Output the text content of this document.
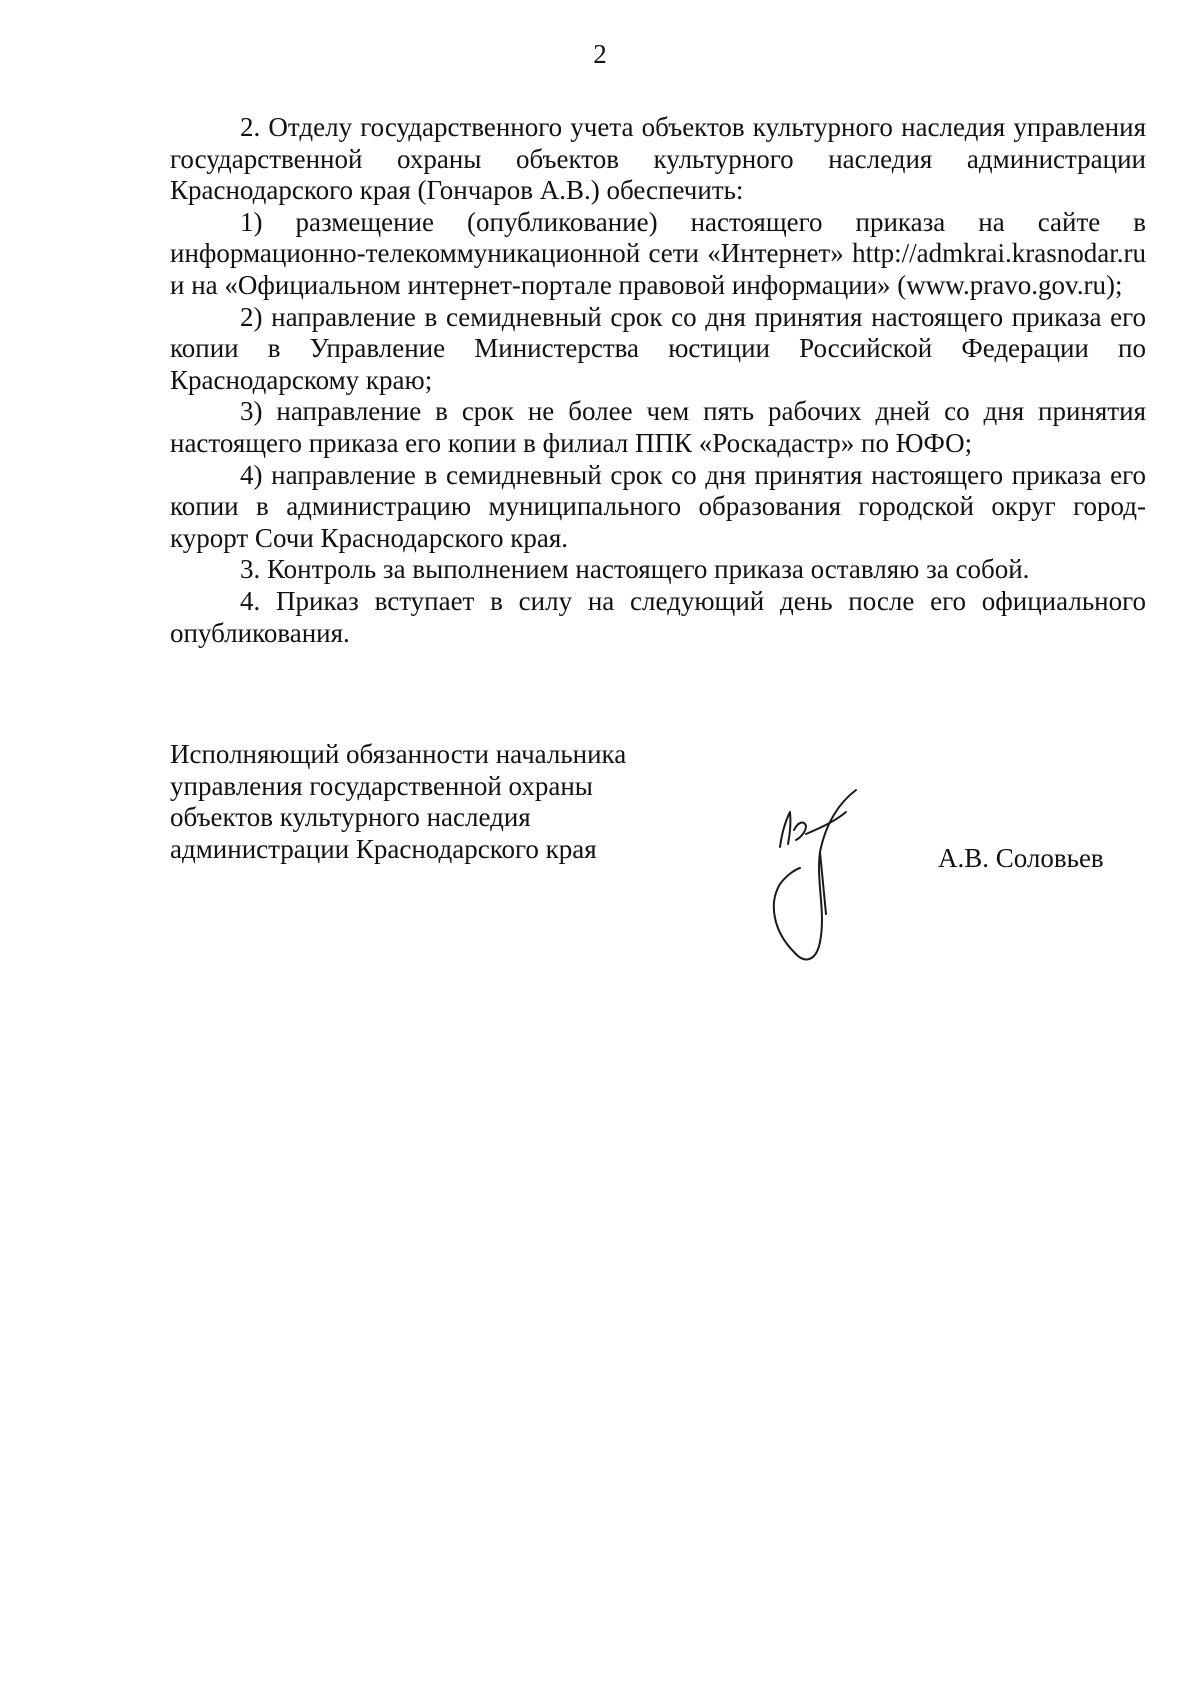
2

2. Отделу государственного учета объектов культурного наследия управления государственной охраны объектов культурного наследия администрации Краснодарского края (Гончаров А.В.) обеспечить:

1) размещение (опубликование) настоящего приказа на сайте в информационно-телекоммуникационной сети «Интернет» http://admkrai.krasnodar.ru и на «Официальном интернет-портале правовой информации» (www.pravo.gov.ru);

2) направление в семидневный срок со дня принятия настоящего приказа его копии в Управление Министерства юстиции Российской Федерации по Краснодарскому краю;

3) направление в срок не более чем пять рабочих дней со дня принятия настоящего приказа его копии в филиал ППК «Роскадастр» по ЮФО;

4) направление в семидневный срок со дня принятия настоящего приказа его копии в администрацию муниципального образования городской округ город-курорт Сочи Краснодарского края.

3. Контроль за выполнением настоящего приказа оставляю за собой.

4. Приказ вступает в силу на следующий день после его официального опубликования.

Исполняющий обязанности начальника
управления государственной охраны
объектов культурного наследия
администрации Краснодарского края	А.В. Соловьев
